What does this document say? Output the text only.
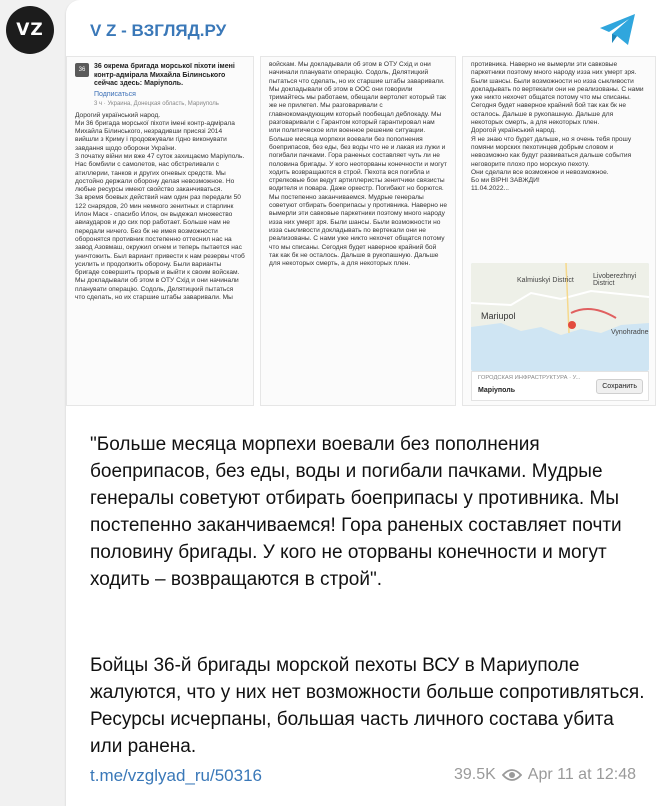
VZ	V Z - ВЗГЛЯД.РУ
36	36 окрема бригада морської піхоти імені контр-адмірала Михайла Білинського сейчас здесь: Маріуполь.
Подписаться
3 ч · Украина, Донецкая область, Мариуполь
Дорогий український народ.
Ми 36 бригада морської піхоти імені контр-адмірала Михайла Білинського, незрадивши присязі 2014 вийшли з Криму і продовжували гідно виконувати завдання щодо оборони України.
З початку війни ми вже 47 суток захищаємо Маріуполь. Нас бомбили с самолетов, нас обстреливали с атиллерии, танков и других огневых средств. Мы достойно держали оборону делая невозможное. Но любые ресурсы имеют свойство заканчиваться.
За время боевых действий нам один раз передали 50 122 снарядов, 20 мин немного зенитных и старлинк Илон Маск - спасибо Илон, он выдежал множество авиаударов и до сих пор работает. Больше нам не передали ничего. Без бк не имея возможности оборонятся противник постепенно оттеснил нас на завод Азовмаш, окружил огнем и теперь пытается нас уничтожить. Был вариант привести к нам резервы чтоб усилить и продолжить оборону. Были варианты бригаде совершить прорыв и выйти к своим войскам. Мы докладывали об этом в ОТУ Схід и они начинали планувати операцію. Содоль, Делятицкий пытаться что сделать, но их старшие штабы заваривали. Мы
войскам. Мы докладывали об этом в ОТУ Схід и они начинали планувати операцію. Содоль, Делятицкий пытаться что сделать, но их старшие штабы заваривали. Мы докладывали об этом в ООС они говорили тримайтесь мы работаем, обещали вертолет который так же не прилетел. Мы разговаривали с главнокомандующим который пообещал деблокаду. Мы разговаривали с Гарантом который гарантировал нам или политическое или военное решение ситуации. Больше месяца морпехи воевали без пополнения боеприпасов, без еды, без воды что не и лакая из лужи и погибали пачками. Гора раненых составляет чуть ли не половина бригады. У кого неоторваны конечности и могут ходить возвращаются в строй. Пехота вся погибла и стрелковые бои ведут артиллеристы зенитчики связисты водителя и повара. Даже оркестр. Погибают но борются. Мы постепенно заканчиваемся. Мудрые генералы советуют отбирать боеприпасы у противника. Наверно не вымерли эти савковые паркетники поэтому много народу изза них умерт зря. Были шансы. Были возможности но изза сыкливости докладывать по вертекали они не реализованы. С нами уже никто нехочет общатся потому что мы списаны. Сегодня будет наверное крайний бой так как бк не осталось. Дальше в рукопашную. Дальше для некоторых смерть, а для некоторых плен.
противника. Наверно не вымерли эти савковые паркетники поэтому много народу изза них умерт зря. Были шансы. Были возможности но изза сыкливости докладывать по вертекали они не реализованы. С нами уже никто нехочет общатся потому что мы списаны. Сегодня будет наверное крайний бой так как бк не осталось. Дальше в рукопашную. Дальше для некоторых смерть, а для некоторых плен.
Дорогой український народ.
Я не знаю что будет дальше, но я очень тебя прошу помяни морских пехотинцев добрым словом и невозможно как будут развиваться дальше события неговорите плохо про морскую пехоту.
Они сделали все возможное и невозможное.
Бо ми ВІРНІ ЗАВЖДИ!
11.04.2022...
Kalmiuskyi District
Livoberezhnyi District
Mariupol
Vynohradne
ГОРОДСКАЯ ИНФРАСТРУКТУРА · У...
Маріуполь
Сохранить
"Больше месяца морпехи воевали без пополнения боеприпасов, без еды, воды и погибали пачками. Мудрые генералы советуют отбирать боеприпасы у противника. Мы постепенно заканчиваемся! Гора раненых составляет почти половину бригады. У кого не оторваны конечности и могут ходить – возвращаются в строй".
Бойцы 36-й бригады морской пехоты ВСУ в Мариуполе жалуются, что у них нет возможности больше сопротивляться. Ресурсы исчерпаны, большая часть личного состава убита или ранена.
t.me/vzglyad_ru/50316	39.5K Apr 11 at 12:48
